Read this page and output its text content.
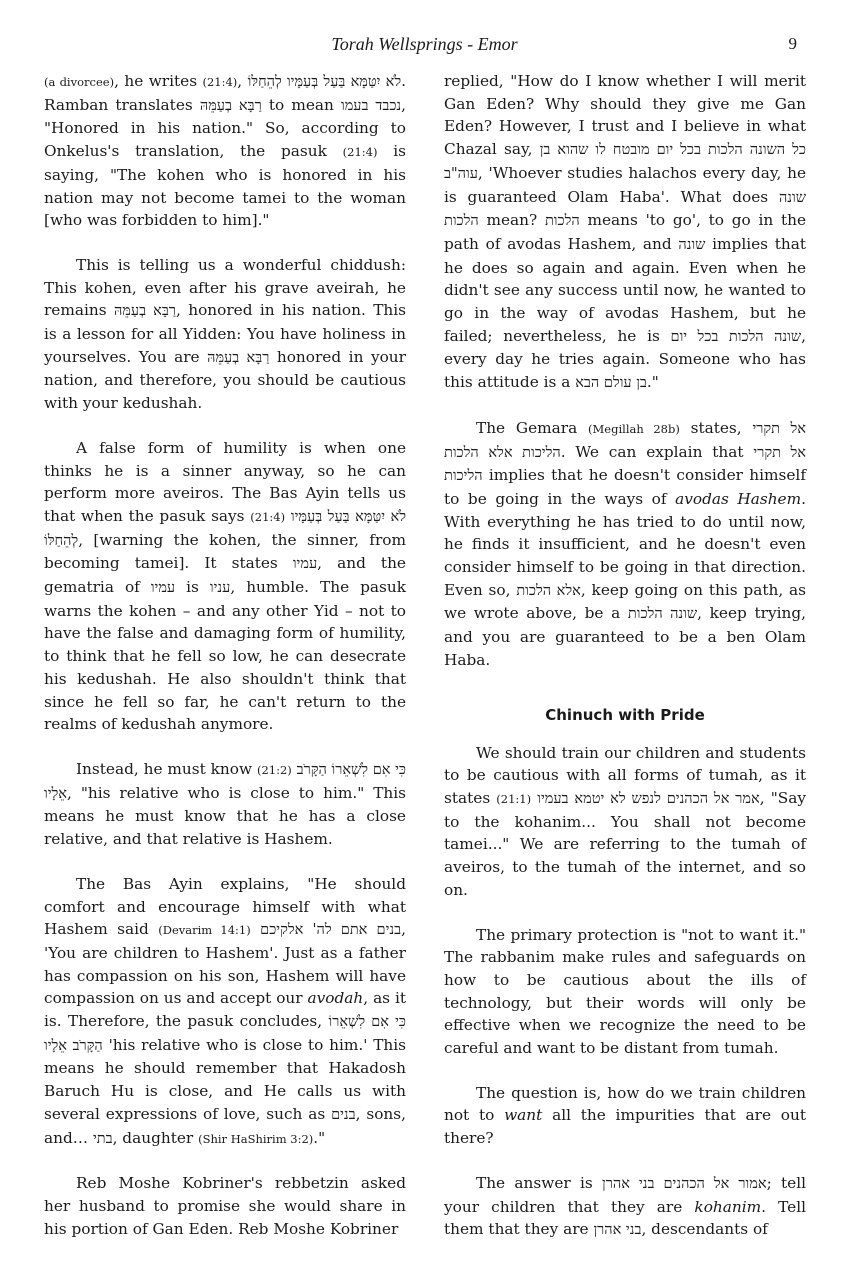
Torah Wellsprings - Emor	9

(a divorcee), he writes (21:4), לֹא יִטַּמָּא בַּעַל בְּעַמָּיו לְהֵחַלּוֹ. Ramban translates רַבָּא בְעַמֵּהּ to mean נכבד בעמו, "Honored in his nation." So, according to Onkelus's translation, the pasuk (21:4) is saying, "The kohen who is honored in his nation may not become tamei to the woman [who was forbidden to him]."

This is telling us a wonderful chiddush: This kohen, even after his grave aveirah, he remains רַבָּא בְעַמֵּהּ, honored in his nation. This is a lesson for all Yidden: You have holiness in yourselves. You are רַבָּא בְעַמֵּהּ honored in your nation, and therefore, you should be cautious with your kedushah.

A false form of humility is when one thinks he is a sinner anyway, so he can perform more aveiros. The Bas Ayin tells us that when the pasuk says (21:4) לֹא יִטַּמָּא בַּעַל בְּעַמָּיו לְהֵחַלּוֹ, [warning the kohen, the sinner, from becoming tamei]. It states עמיו, and the gematria of עמיו is עניו, humble. The pasuk warns the kohen – and any other Yid – not to have the false and damaging form of humility, to think that he fell so low, he can desecrate his kedushah. He also shouldn't think that since he fell so far, he can't return to the realms of kedushah anymore.

Instead, he must know (21:2) כִּי אִם לִשְׁאֵרוֹ הַקָּרֹב אֵלָיו, "his relative who is close to him." This means he must know that he has a close relative, and that relative is Hashem.

The Bas Ayin explains, "He should comfort and encourage himself with what Hashem said (Devarim 14:1) בנים אתם לה' אלקיכם, 'You are children to Hashem'. Just as a father has compassion on his son, Hashem will have compassion on us and accept our avodah, as it is. Therefore, the pasuk concludes, כִּי אִם לִשְׁאֵרוֹ הַקָּרֹב אֵלָיו 'his relative who is close to him.' This means he should remember that Hakadosh Baruch Hu is close, and He calls us with several expressions of love, such as בנים, sons, and… בתי, daughter (Shir HaShirim 3:2)."

Reb Moshe Kobriner's rebbetzin asked her husband to promise she would share in his portion of Gan Eden. Reb Moshe Kobriner

replied, "How do I know whether I will merit Gan Eden? Why should they give me Gan Eden? However, I trust and I believe in what Chazal say, כל השונה הלכות בכל יום מובטח לו שהוא בן עוה"ב, 'Whoever studies halachos every day, he is guaranteed Olam Haba'. What does שונה הלכות mean? הלכות means 'to go', to go in the path of avodas Hashem, and שונה implies that he does so again and again. Even when he didn't see any success until now, he wanted to go in the way of avodas Hashem, but he failed; nevertheless, he is שונה הלכות בכל יום, every day he tries again. Someone who has this attitude is a בן עולם הבא."

The Gemara (Megillah 28b) states, אל תקרי הליכות אלא הלכות. We can explain that אל תקרי הליכות implies that he doesn't consider himself to be going in the ways of avodas Hashem. With everything he has tried to do until now, he finds it insufficient, and he doesn't even consider himself to be going in that direction. Even so, אלא הלכות, keep going on this path, as we wrote above, be a שונה הלכות, keep trying, and you are guaranteed to be a ben Olam Haba.

Chinuch with Pride

We should train our children and students to be cautious with all forms of tumah, as it states (21:1) אמר אל הכהנים לנפש לא יטמא בעמיו, "Say to the kohanim... You shall not become tamei..." We are referring to the tumah of aveiros, to the tumah of the internet, and so on.

The primary protection is "not to want it." The rabbanim make rules and safeguards on how to be cautious about the ills of technology, but their words will only be effective when we recognize the need to be careful and want to be distant from tumah.

The question is, how do we train children not to want all the impurities that are out there?

The answer is אמור אל הכהנים בני אהרן; tell your children that they are kohanim. Tell them that they are בני אהרן, descendants of
